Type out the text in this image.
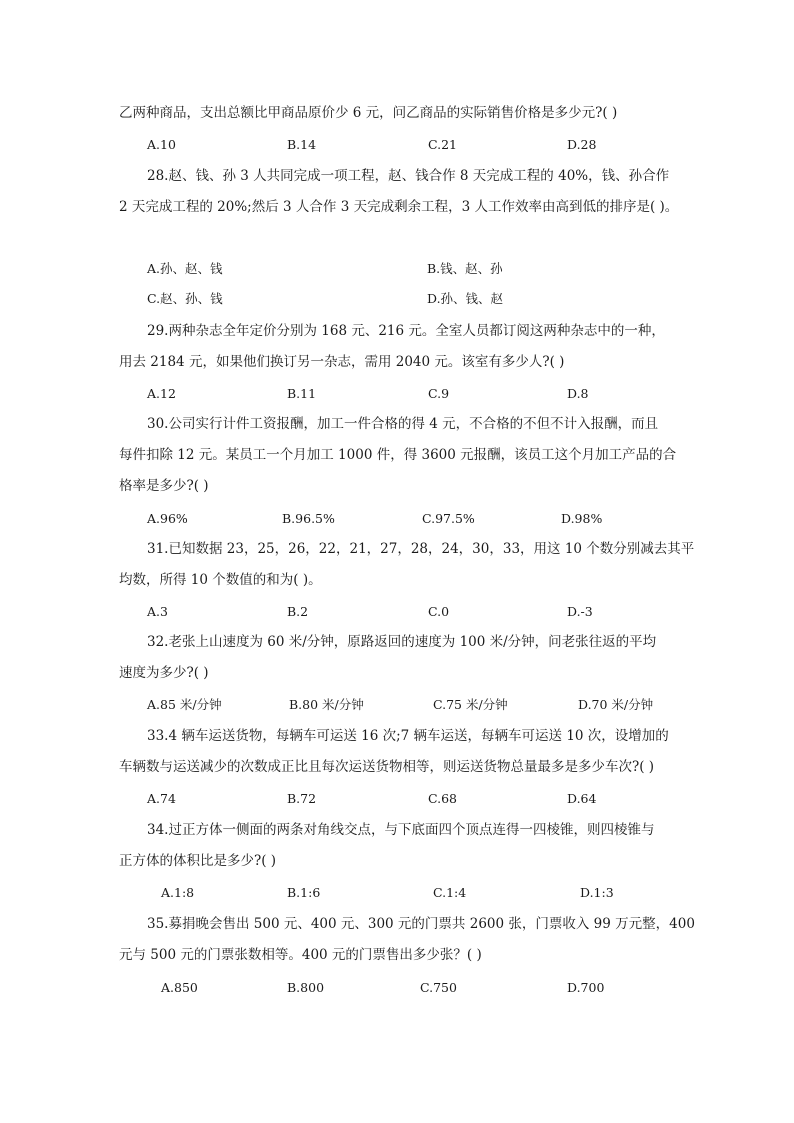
乙两种商品，支出总额比甲商品原价少 6 元，问乙商品的实际销售价格是多少元?( )
A.10	B.14	C.21	D.28
28.赵、钱、孙 3 人共同完成一项工程，赵、钱合作 8 天完成工程的 40%，钱、孙合作
2 天完成工程的 20%;然后 3 人合作 3 天完成剩余工程，3 人工作效率由高到低的排序是( )。
A.孙、赵、钱	B.钱、赵、孙
C.赵、孙、钱	D.孙、钱、赵
29.两种杂志全年定价分别为 168 元、216 元。全室人员都订阅这两种杂志中的一种，
用去 2184 元，如果他们换订另一杂志，需用 2040 元。该室有多少人?( )
A.12	B.11	C.9	D.8
30.公司实行计件工资报酬，加工一件合格的得 4 元，不合格的不但不计入报酬，而且
每件扣除 12 元。某员工一个月加工 1000 件，得 3600 元报酬，该员工这个月加工产品的合
格率是多少?( )
A.96%	B.96.5%	C.97.5%	D.98%
31.已知数据 23，25，26，22，21，27，28，24，30，33，用这 10 个数分别减去其平
均数，所得 10 个数值的和为( )。
A.3	B.2	C.0	D.-3
32.老张上山速度为 60 米/分钟，原路返回的速度为 100 米/分钟，问老张往返的平均
速度为多少?( )
A.85 米/分钟	B.80 米/分钟	C.75 米/分钟	D.70 米/分钟
33.4 辆车运送货物，每辆车可运送 16 次;7 辆车运送，每辆车可运送 10 次，设增加的
车辆数与运送减少的次数成正比且每次运送货物相等，则运送货物总量最多是多少车次?( )
A.74	B.72	C.68	D.64
34.过正方体一侧面的两条对角线交点，与下底面四个顶点连得一四棱锥，则四棱锥与
正方体的体积比是多少?( )
A.1:8	B.1:6	C.1:4	D.1:3
35.募捐晚会售出 500 元、400 元、300 元的门票共 2600 张，门票收入 99 万元整，400
元与 500 元的门票张数相等。400 元的门票售出多少张？( )
A.850	B.800	C.750	D.700
